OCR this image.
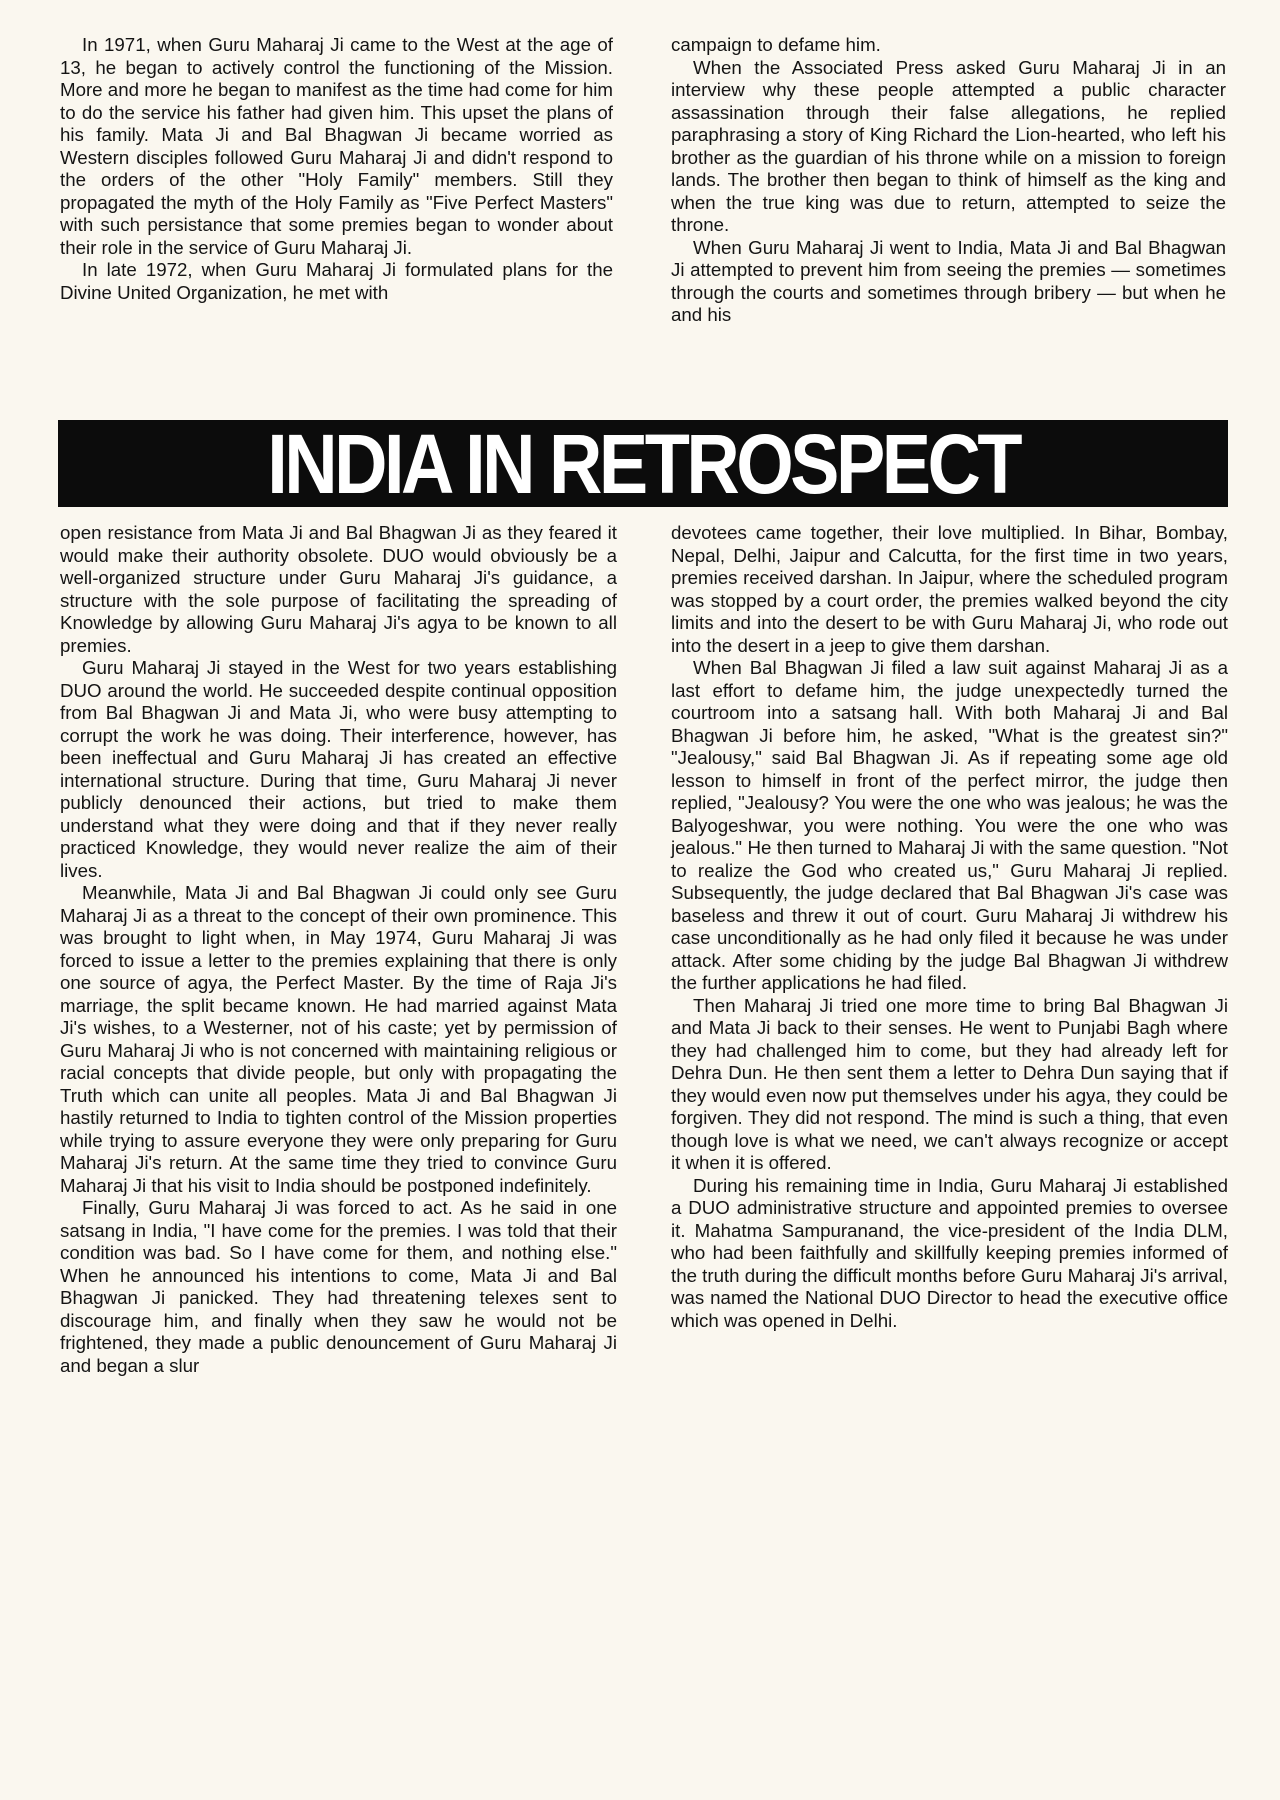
In 1971, when Guru Maharaj Ji came to the West at the age of 13, he began to actively control the functioning of the Mission. More and more he began to manifest as the time had come for him to do the service his father had given him. This upset the plans of his family. Mata Ji and Bal Bhagwan Ji became worried as Western disciples followed Guru Maharaj Ji and didn't respond to the orders of the other "Holy Family" members. Still they propagated the myth of the Holy Family as "Five Perfect Masters" with such persistance that some premies began to wonder about their role in the service of Guru Maharaj Ji.

In late 1972, when Guru Maharaj Ji formulated plans for the Divine United Organization, he met with

campaign to defame him.

When the Associated Press asked Guru Maharaj Ji in an interview why these people attempted a public character assassination through their false allegations, he replied paraphrasing a story of King Richard the Lion-hearted, who left his brother as the guardian of his throne while on a mission to foreign lands. The brother then began to think of himself as the king and when the true king was due to return, attempted to seize the throne.

When Guru Maharaj Ji went to India, Mata Ji and Bal Bhagwan Ji attempted to prevent him from seeing the premies — sometimes through the courts and sometimes through bribery — but when he and his

INDIA IN RETROSPECT

open resistance from Mata Ji and Bal Bhagwan Ji as they feared it would make their authority obsolete. DUO would obviously be a well-organized structure under Guru Maharaj Ji's guidance, a structure with the sole purpose of facilitating the spreading of Knowledge by allowing Guru Maharaj Ji's agya to be known to all premies.

Guru Maharaj Ji stayed in the West for two years establishing DUO around the world. He succeeded despite continual opposition from Bal Bhagwan Ji and Mata Ji, who were busy attempting to corrupt the work he was doing. Their interference, however, has been ineffectual and Guru Maharaj Ji has created an effective international structure. During that time, Guru Maharaj Ji never publicly denounced their actions, but tried to make them understand what they were doing and that if they never really practiced Knowledge, they would never realize the aim of their lives.

Meanwhile, Mata Ji and Bal Bhagwan Ji could only see Guru Maharaj Ji as a threat to the concept of their own prominence. This was brought to light when, in May 1974, Guru Maharaj Ji was forced to issue a letter to the premies explaining that there is only one source of agya, the Perfect Master. By the time of Raja Ji's marriage, the split became known. He had married against Mata Ji's wishes, to a Westerner, not of his caste; yet by permission of Guru Maharaj Ji who is not concerned with maintaining religious or racial concepts that divide people, but only with propagating the Truth which can unite all peoples. Mata Ji and Bal Bhagwan Ji hastily returned to India to tighten control of the Mission properties while trying to assure everyone they were only preparing for Guru Maharaj Ji's return. At the same time they tried to convince Guru Maharaj Ji that his visit to India should be postponed indefinitely.

Finally, Guru Maharaj Ji was forced to act. As he said in one satsang in India, "I have come for the premies. I was told that their condition was bad. So I have come for them, and nothing else." When he announced his intentions to come, Mata Ji and Bal Bhagwan Ji panicked. They had threatening telexes sent to discourage him, and finally when they saw he would not be frightened, they made a public denouncement of Guru Maharaj Ji and began a slur

devotees came together, their love multiplied. In Bihar, Bombay, Nepal, Delhi, Jaipur and Calcutta, for the first time in two years, premies received darshan. In Jaipur, where the scheduled program was stopped by a court order, the premies walked beyond the city limits and into the desert to be with Guru Maharaj Ji, who rode out into the desert in a jeep to give them darshan.

When Bal Bhagwan Ji filed a law suit against Maharaj Ji as a last effort to defame him, the judge unexpectedly turned the courtroom into a satsang hall. With both Maharaj Ji and Bal Bhagwan Ji before him, he asked, "What is the greatest sin?" "Jealousy," said Bal Bhagwan Ji. As if repeating some age old lesson to himself in front of the perfect mirror, the judge then replied, "Jealousy? You were the one who was jealous; he was the Balyogeshwar, you were nothing. You were the one who was jealous." He then turned to Maharaj Ji with the same question. "Not to realize the God who created us," Guru Maharaj Ji replied. Subsequently, the judge declared that Bal Bhagwan Ji's case was baseless and threw it out of court. Guru Maharaj Ji withdrew his case unconditionally as he had only filed it because he was under attack. After some chiding by the judge Bal Bhagwan Ji withdrew the further applications he had filed.

Then Maharaj Ji tried one more time to bring Bal Bhagwan Ji and Mata Ji back to their senses. He went to Punjabi Bagh where they had challenged him to come, but they had already left for Dehra Dun. He then sent them a letter to Dehra Dun saying that if they would even now put themselves under his agya, they could be forgiven. They did not respond. The mind is such a thing, that even though love is what we need, we can't always recognize or accept it when it is offered.

During his remaining time in India, Guru Maharaj Ji established a DUO administrative structure and appointed premies to oversee it. Mahatma Sampuranand, the vice-president of the India DLM, who had been faithfully and skillfully keeping premies informed of the truth during the difficult months before Guru Maharaj Ji's arrival, was named the National DUO Director to head the executive office which was opened in Delhi.
